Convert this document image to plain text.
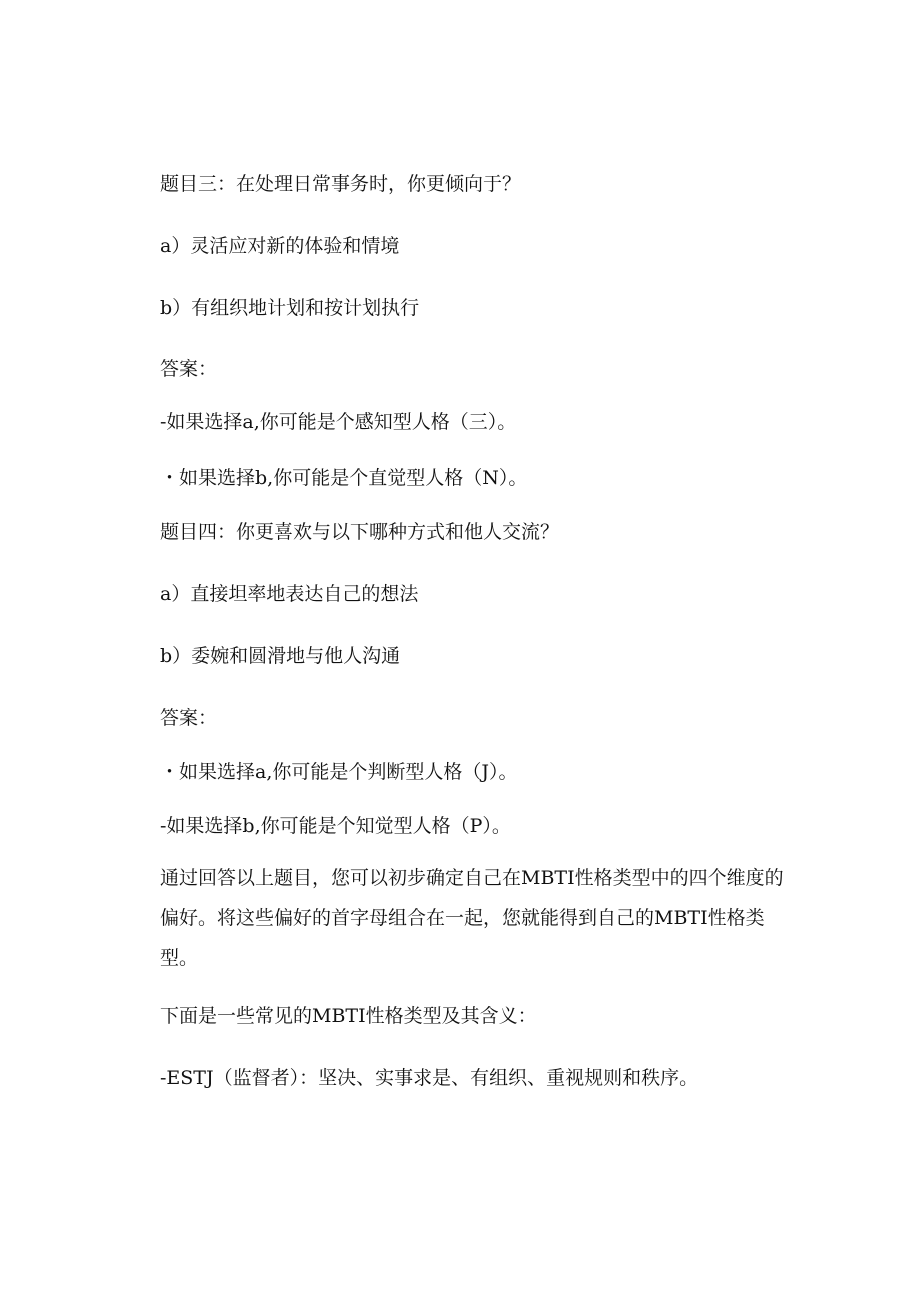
题目三：在处理日常事务时，你更倾向于？
a）灵活应对新的体验和情境
b）有组织地计划和按计划执行
答案：
-如果选择a,你可能是个感知型人格（三）。
・如果选择b,你可能是个直觉型人格（N）。
题目四：你更喜欢与以下哪种方式和他人交流？
a）直接坦率地表达自己的想法
b）委婉和圆滑地与他人沟通
答案：
・如果选择a,你可能是个判断型人格（J）。
-如果选择b,你可能是个知觉型人格（P）。
通过回答以上题目，您可以初步确定自己在MBTI性格类型中的四个维度的偏好。将这些偏好的首字母组合在一起，您就能得到自己的MBTI性格类型。
下面是一些常见的MBTI性格类型及其含义：
-ESTJ（监督者）：坚决、实事求是、有组织、重视规则和秩序。
